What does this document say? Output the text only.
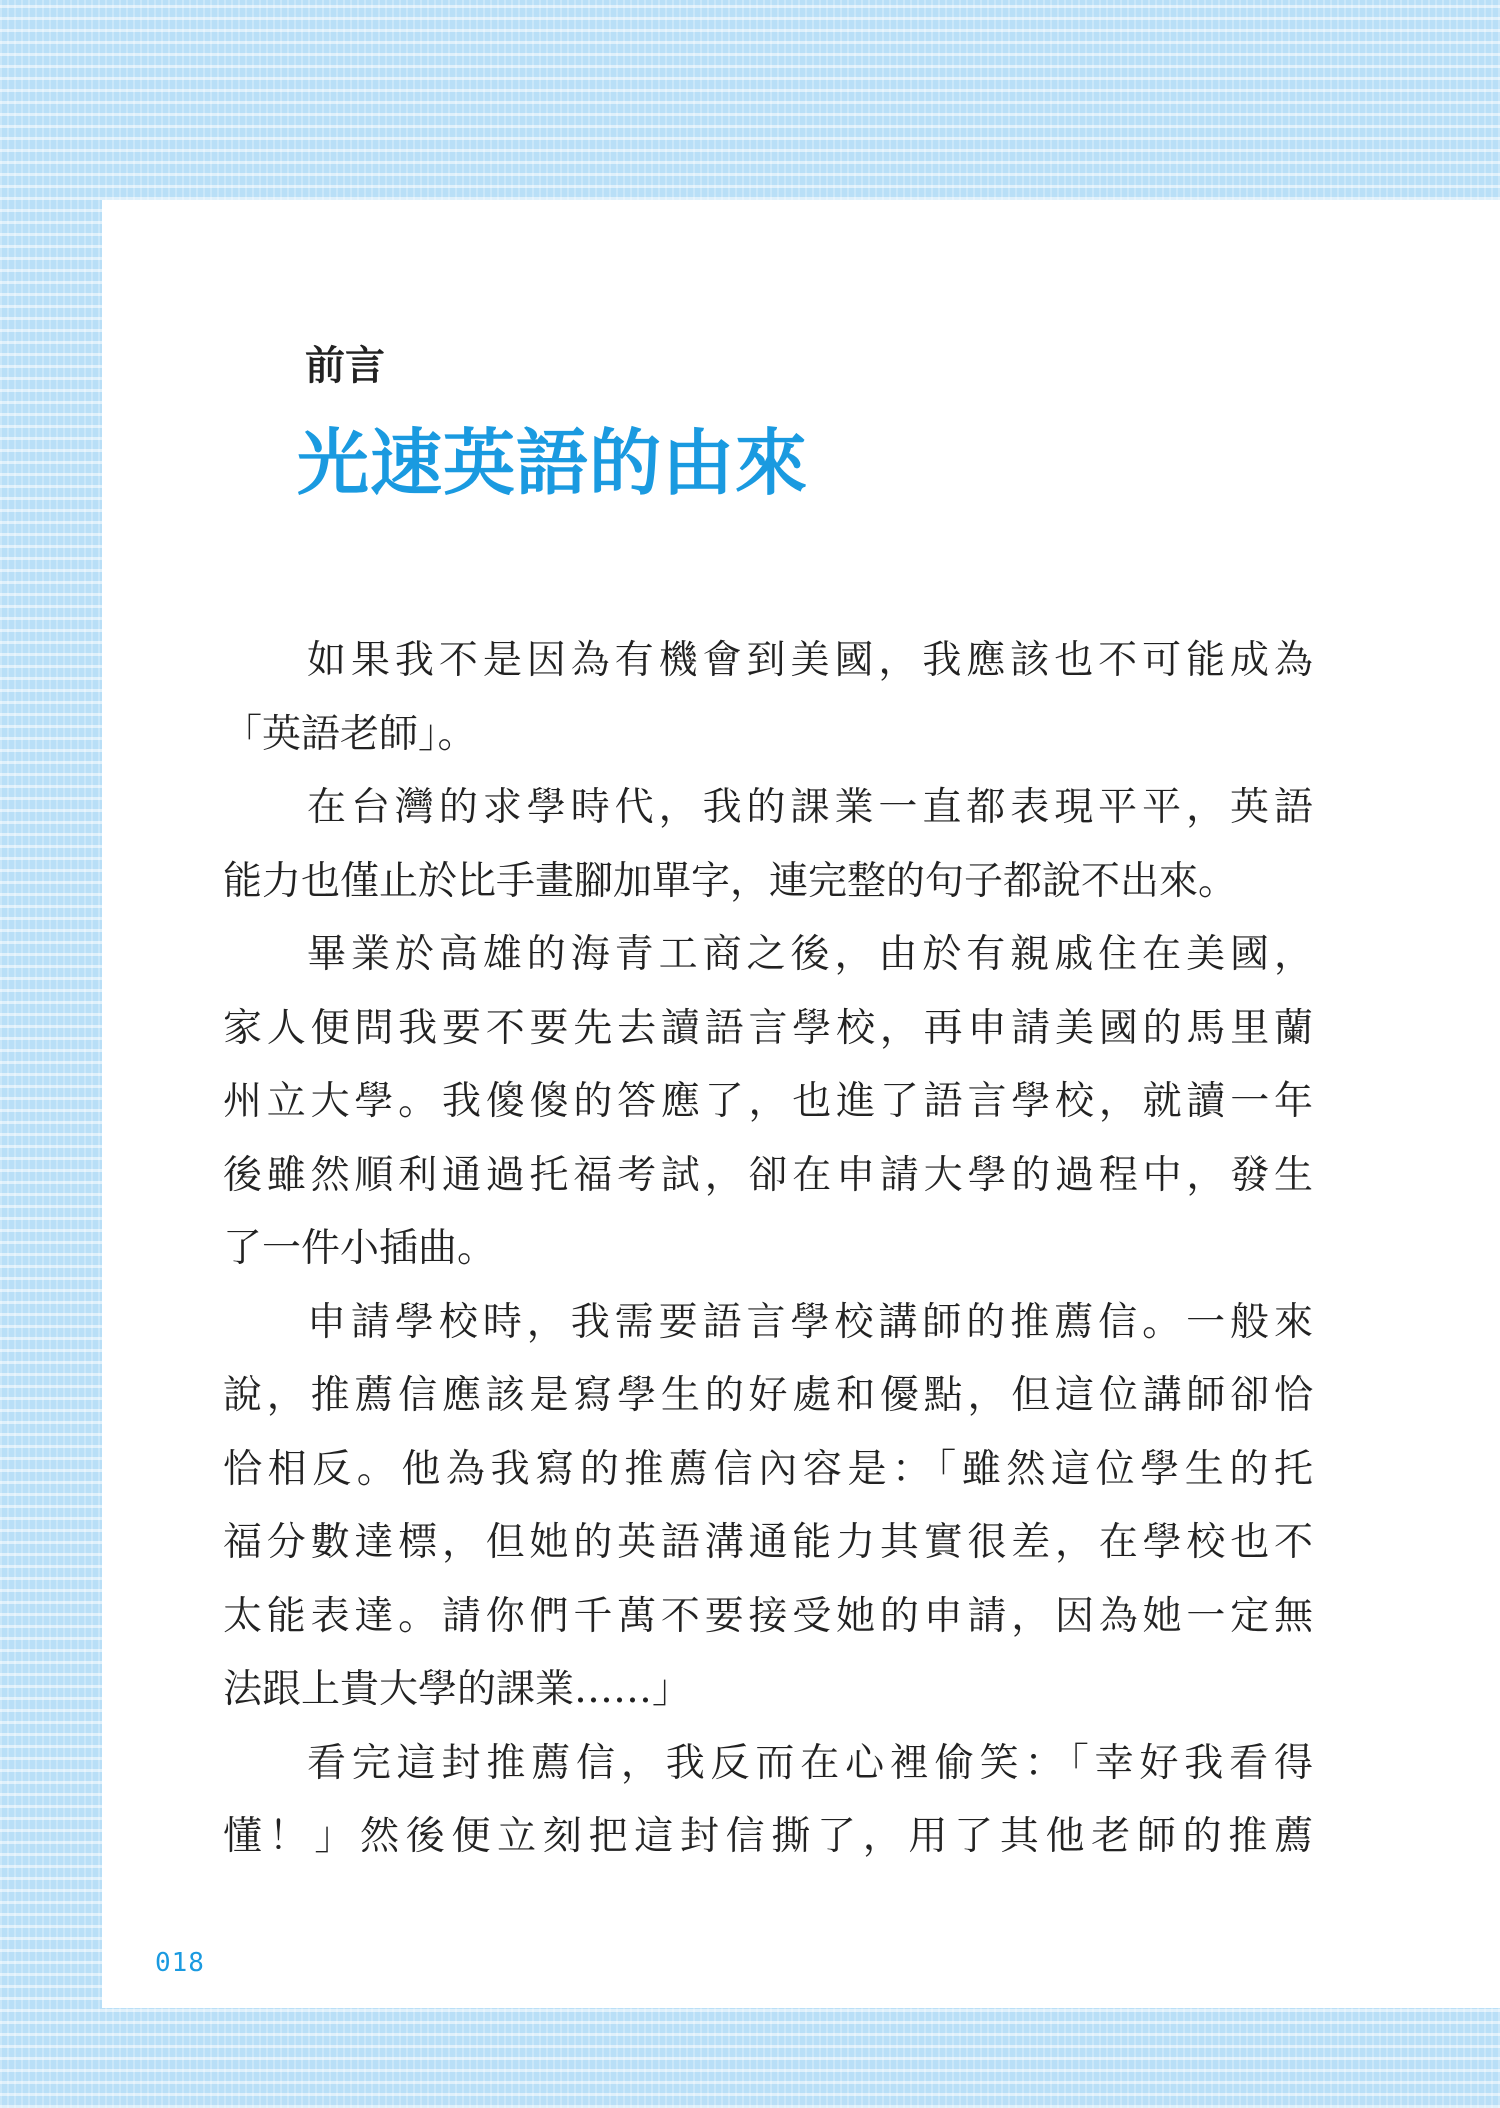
前言
光速英語的由來
如果我不是因為有機會到美國，我應該也不可能成為
「英語老師」。
在台灣的求學時代，我的課業一直都表現平平，英語
能力也僅止於比手畫腳加單字，連完整的句子都說不出來。
畢業於高雄的海青工商之後，由於有親戚住在美國，
家人便問我要不要先去讀語言學校，再申請美國的馬里蘭
州立大學。我傻傻的答應了，也進了語言學校，就讀一年
後雖然順利通過托福考試，卻在申請大學的過程中，發生
了一件小插曲。
申請學校時，我需要語言學校講師的推薦信。一般來
說，推薦信應該是寫學生的好處和優點，但這位講師卻恰
恰相反。他為我寫的推薦信內容是：「雖然這位學生的托
福分數達標，但她的英語溝通能力其實很差，在學校也不
太能表達。請你們千萬不要接受她的申請，因為她一定無
法跟上貴大學的課業……」
看完這封推薦信，我反而在心裡偷笑：「幸好我看得
懂！」然後便立刻把這封信撕了，用了其他老師的推薦
018
